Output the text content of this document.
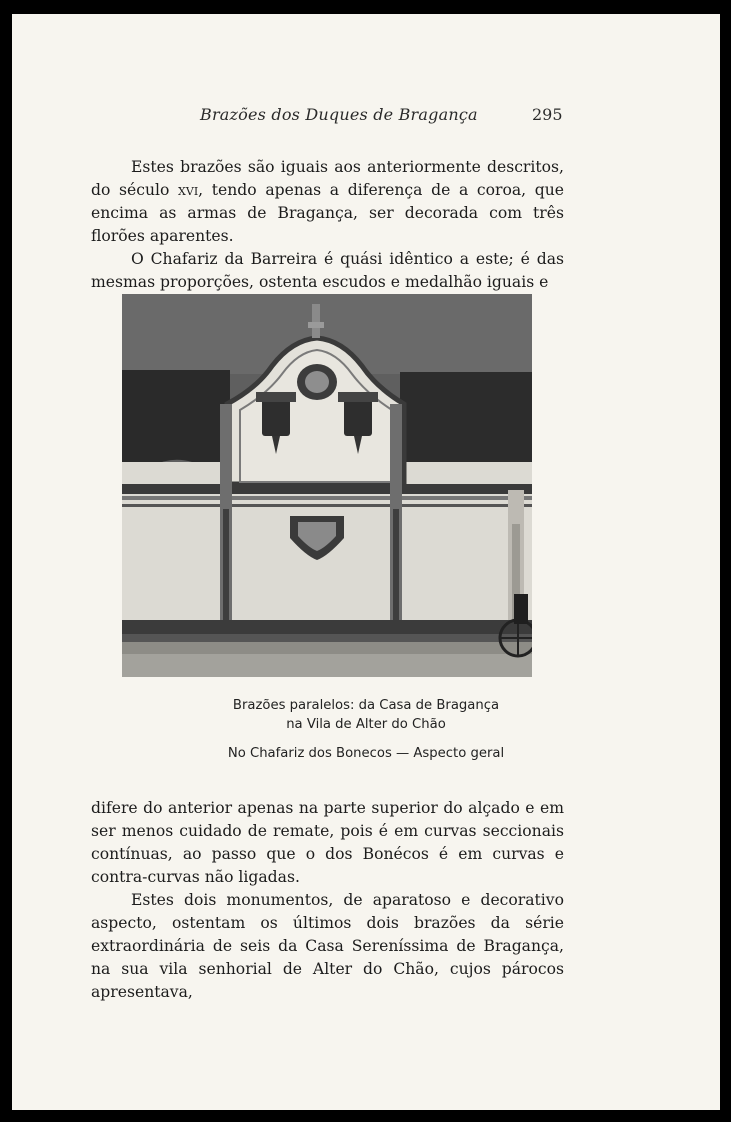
Brazões dos Duques de Bragança	295

Estes brazões são iguais aos anteriormente descritos, do século xvi, tendo apenas a diferença de a coroa, que encima as armas de Bragança, ser decorada com três florões aparentes.

O Chafariz da Barreira é quási idêntico a este; é das mesmas proporções, ostenta escudos e medalhão iguais e

Brazões paralelos: da Casa de Bragança
na Vila de Alter do Chão
No Chafariz dos Bonecos — Aspecto geral

difere do anterior apenas na parte superior do alçado e em ser menos cuidado de remate, pois é em curvas seccionais contínuas, ao passo que o dos Bonécos é em curvas e contra-curvas não ligadas.

Estes dois monumentos, de aparatoso e decorativo aspecto, ostentam os últimos dois brazões da série extraordinária de seis da Casa Sereníssima de Bragança, na sua vila senhorial de Alter do Chão, cujos párocos apresentava,
